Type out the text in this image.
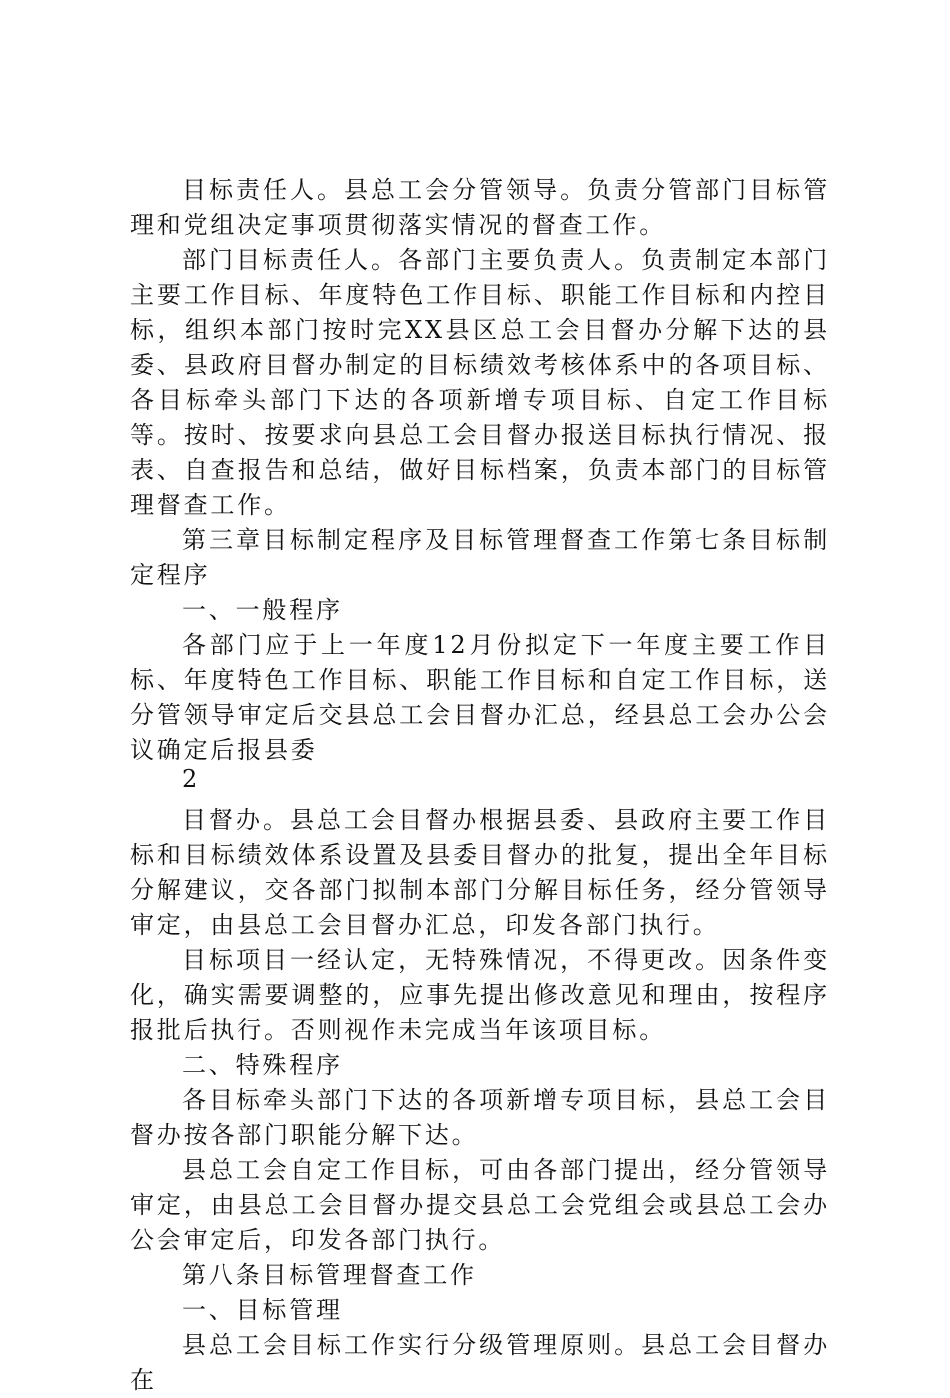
目标责任人。县总工会分管领导。负责分管部门目标管理和党组决定事项贯彻落实情况的督查工作。

部门目标责任人。各部门主要负责人。负责制定本部门主要工作目标、年度特色工作目标、职能工作目标和内控目标，组织本部门按时完XX县区总工会目督办分解下达的县委、县政府目督办制定的目标绩效考核体系中的各项目标、各目标牵头部门下达的各项新增专项目标、自定工作目标等。按时、按要求向县总工会目督办报送目标执行情况、报表、自查报告和总结，做好目标档案，负责本部门的目标管理督查工作。

第三章目标制定程序及目标管理督查工作第七条目标制定程序

一、一般程序

各部门应于上一年度12月份拟定下一年度主要工作目标、年度特色工作目标、职能工作目标和自定工作目标，送分管领导审定后交县总工会目督办汇总，经县总工会办公会议确定后报县委

2

目督办。县总工会目督办根据县委、县政府主要工作目标和目标绩效体系设置及县委目督办的批复，提出全年目标分解建议，交各部门拟制本部门分解目标任务，经分管领导审定，由县总工会目督办汇总，印发各部门执行。

目标项目一经认定，无特殊情况，不得更改。因条件变化，确实需要调整的，应事先提出修改意见和理由，按程序报批后执行。否则视作未完成当年该项目标。

二、特殊程序

各目标牵头部门下达的各项新增专项目标，县总工会目督办按各部门职能分解下达。

县总工会自定工作目标，可由各部门提出，经分管领导审定，由县总工会目督办提交县总工会党组会或县总工会办公会审定后，印发各部门执行。

第八条目标管理督查工作

一、目标管理

县总工会目标工作实行分级管理原则。县总工会目督办在
